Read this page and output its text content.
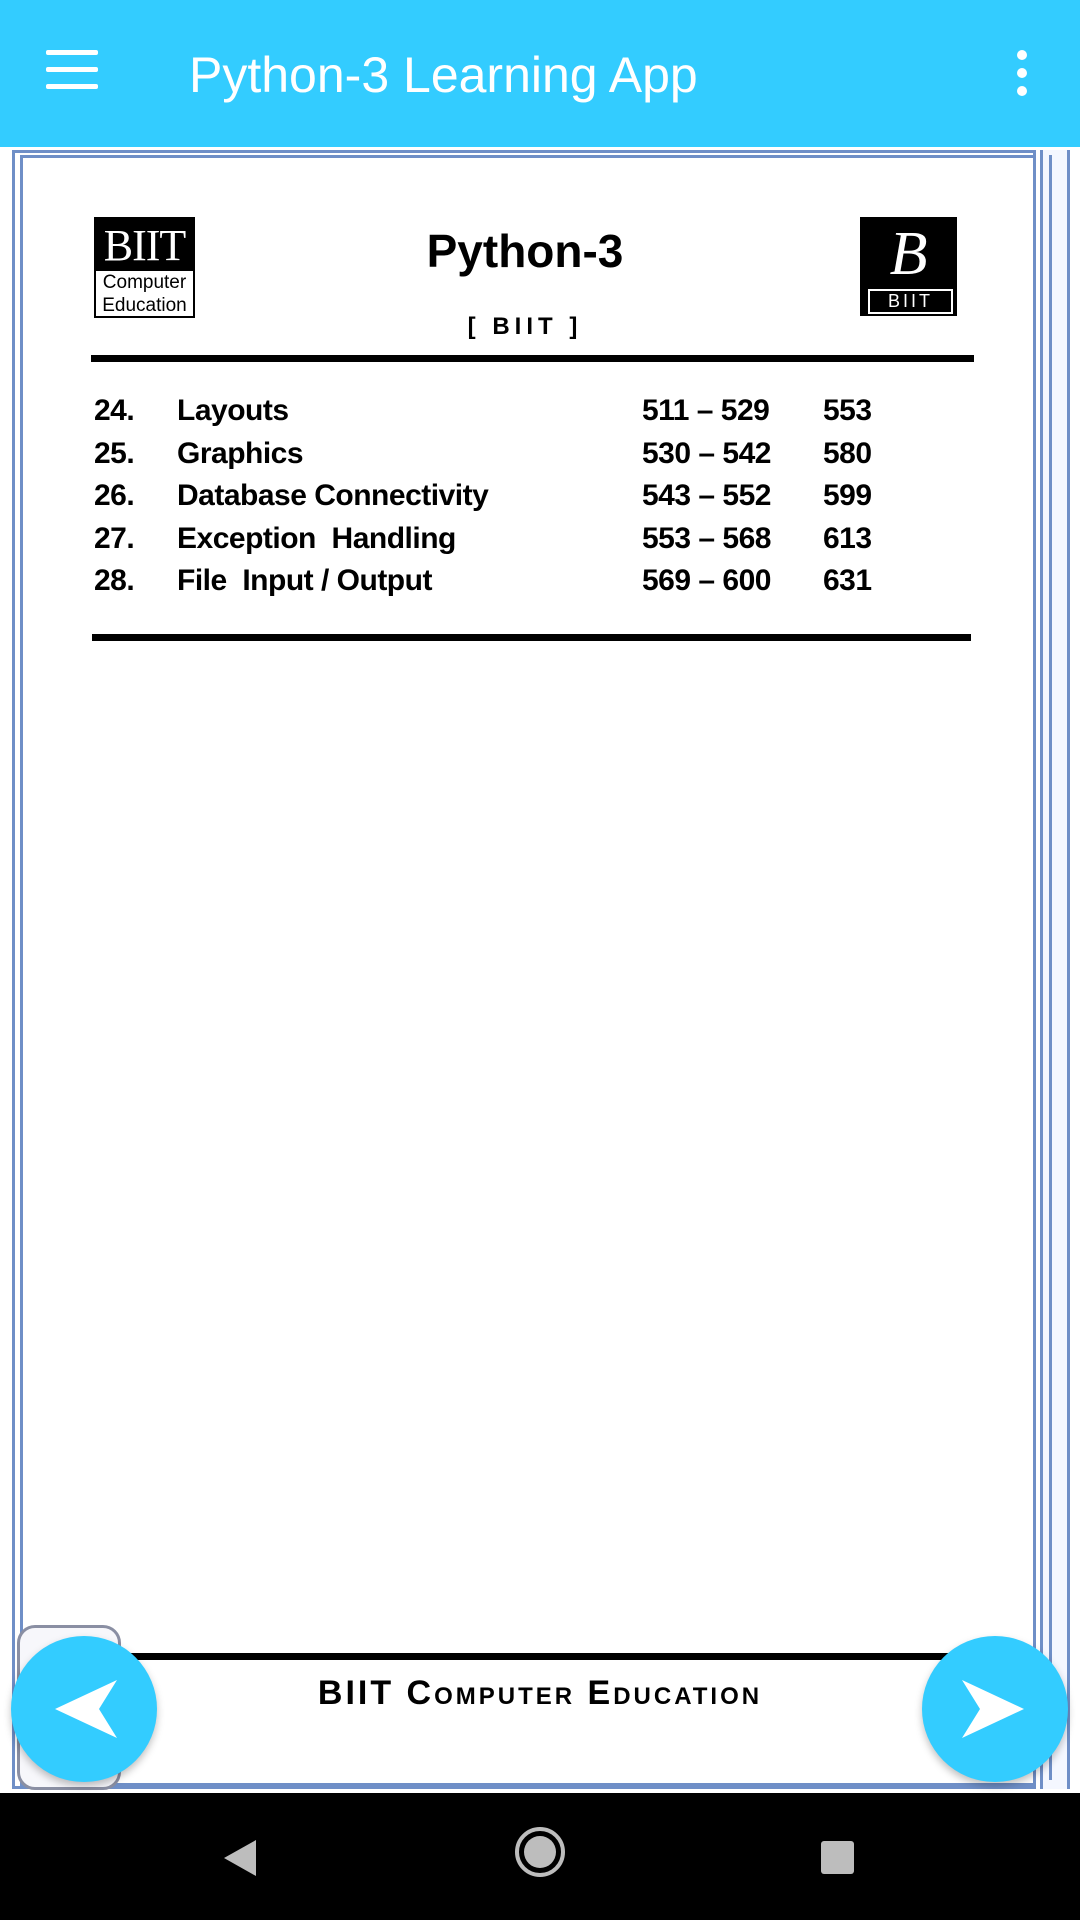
Python-3 Learning App
BIIT
Computer
Education
B
BIIT
Python-3
[ BIIT ]
24. Layouts	511 – 529 553
25. Graphics	530 – 542 580
26. Database Connectivity	543 – 552 599
27. Exception  Handling	553 – 568 613
28. File  Input / Output	569 – 600 631
BIIT Computer Education
